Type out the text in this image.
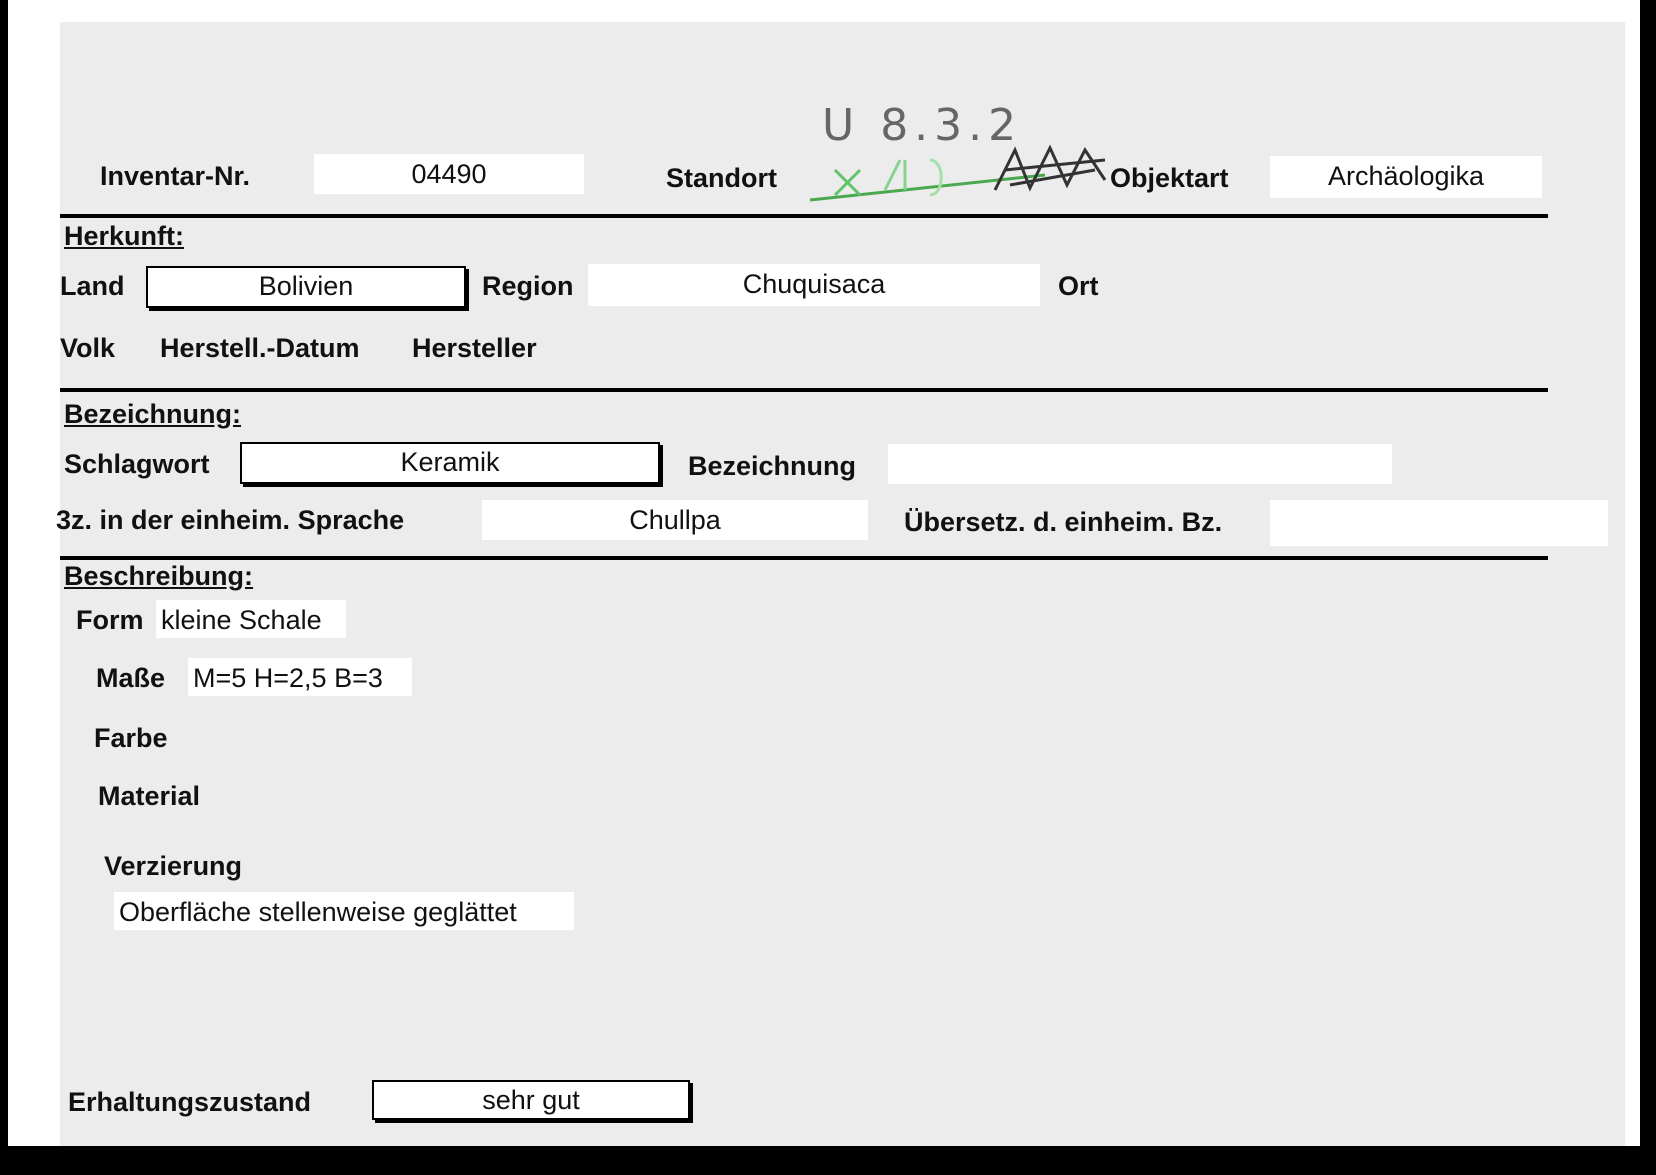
Inventar-Nr.	04490	Standort
U 8.3.2
Objektart	Archäologika
Herkunft:
Land	Bolivien	Region	Chuquisaca	Ort
Volk Herstell.-Datum Hersteller
Bezeichnung:
Schlagwort	Keramik	Bezeichnung
3z. in der einheim. Sprache	Chullpa	Übersetz. d. einheim. Bz.
Beschreibung:
Form kleine Schale
Maße M=5 H=2,5 B=3
Farbe
Material
Verzierung
Oberfläche stellenweise geglättet
Erhaltungszustand	sehr gut
